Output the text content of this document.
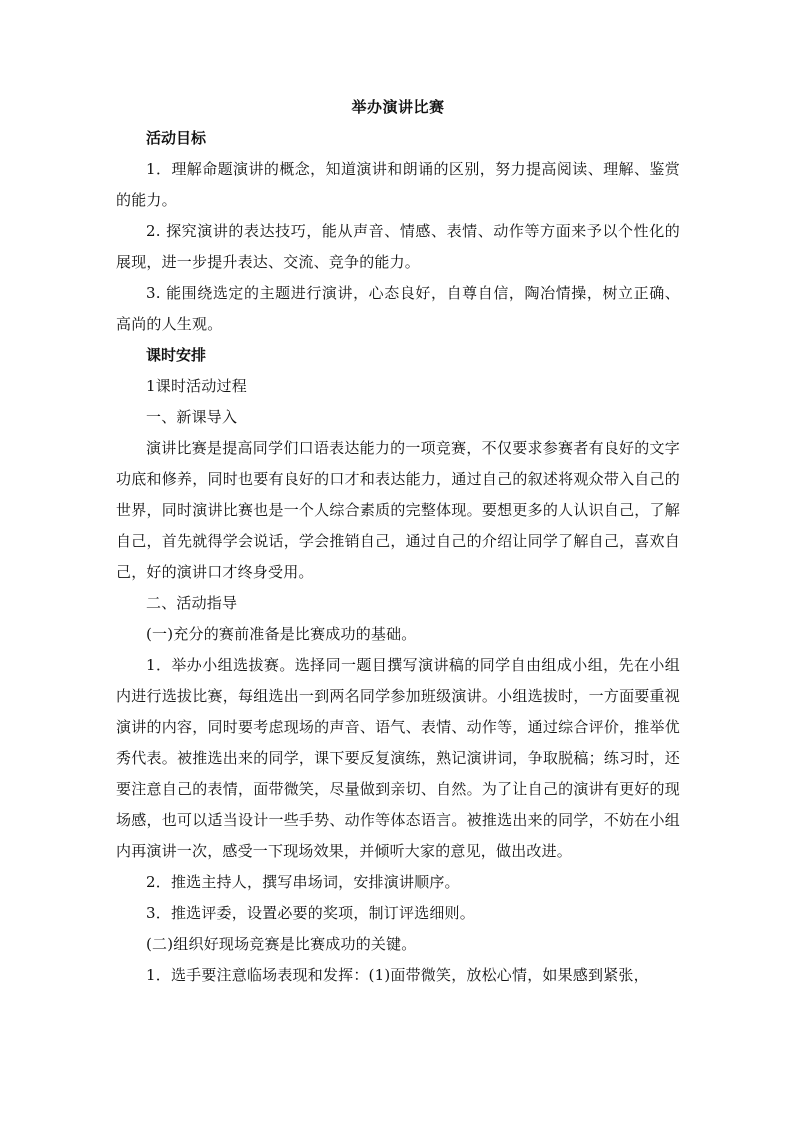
举办演讲比赛

活动目标

1．理解命题演讲的概念，知道演讲和朗诵的区别，努力提高阅读、理解、鉴赏的能力。

2. 探究演讲的表达技巧，能从声音、情感、表情、动作等方面来予以个性化的展现，进一步提升表达、交流、竞争的能力。

3. 能围绕选定的主题进行演讲，心态良好，自尊自信，陶冶情操，树立正确、高尚的人生观。

课时安排

1课时活动过程

一、新课导入

演讲比赛是提高同学们口语表达能力的一项竞赛，不仅要求参赛者有良好的文字功底和修养，同时也要有良好的口才和表达能力，通过自己的叙述将观众带入自己的世界，同时演讲比赛也是一个人综合素质的完整体现。要想更多的人认识自己，了解自己，首先就得学会说话，学会推销自己，通过自己的介绍让同学了解自己，喜欢自己，好的演讲口才终身受用。

二、活动指导

(一)充分的赛前准备是比赛成功的基础。

1．举办小组选拔赛。选择同一题目撰写演讲稿的同学自由组成小组，先在小组内进行选拔比赛，每组选出一到两名同学参加班级演讲。小组选拔时，一方面要重视演讲的内容，同时要考虑现场的声音、语气、表情、动作等，通过综合评价，推举优秀代表。被推选出来的同学，课下要反复演练，熟记演讲词，争取脱稿；练习时，还要注意自己的表情，面带微笑，尽量做到亲切、自然。为了让自己的演讲有更好的现场感，也可以适当设计一些手势、动作等体态语言。被推选出来的同学，不妨在小组内再演讲一次，感受一下现场效果，并倾听大家的意见，做出改进。

2．推选主持人，撰写串场词，安排演讲顺序。

3．推选评委，设置必要的奖项，制订评选细则。

(二)组织好现场竞赛是比赛成功的关键。

1．选手要注意临场表现和发挥：(1)面带微笑，放松心情，如果感到紧张，
